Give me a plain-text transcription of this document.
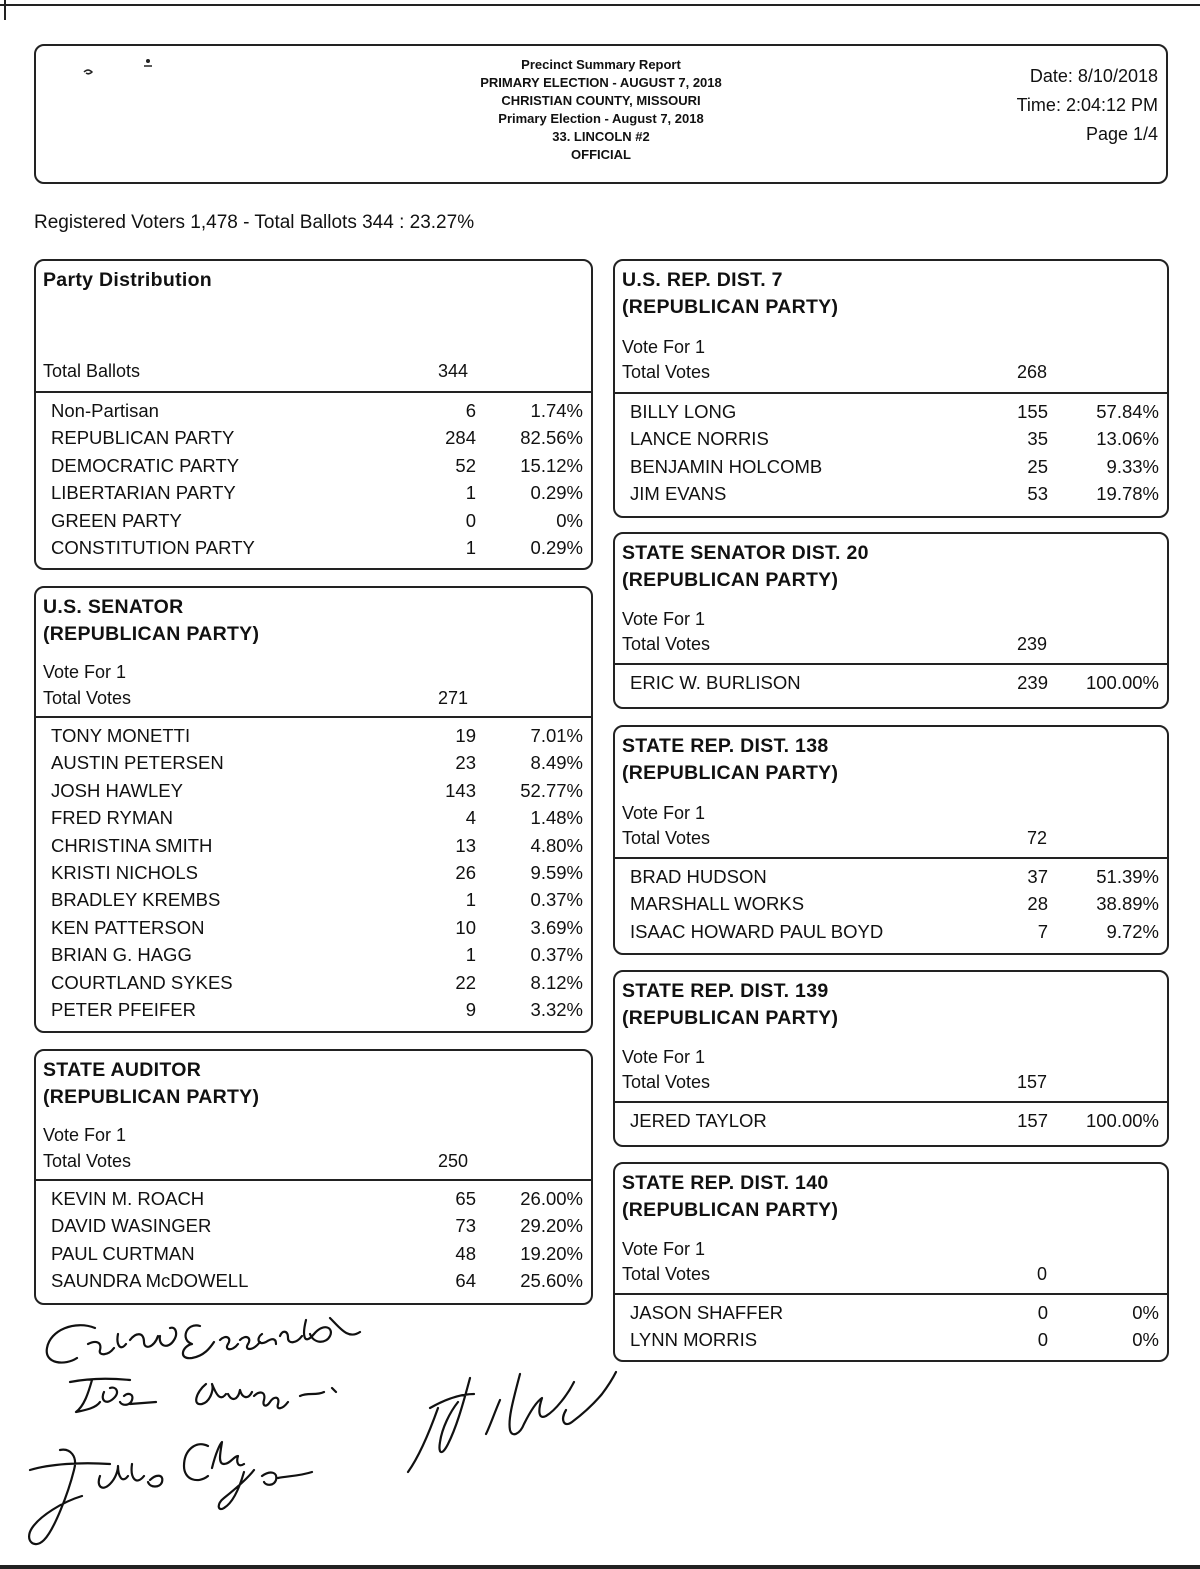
Precinct Summary Report
PRIMARY ELECTION - AUGUST 7, 2018
CHRISTIAN COUNTY, MISSOURI
Primary Election - August 7, 2018
33. LINCOLN #2
OFFICIAL
Date: 8/10/2018
Time: 2:04:12 PM
Page 1/4
Registered Voters 1,478 - Total Ballots 344 : 23.27%
Party Distribution
Total Ballots	344
Non-Partisan	6	1.74%
REPUBLICAN PARTY	284 82.56%
DEMOCRATIC PARTY	52 15.12%
LIBERTARIAN PARTY	1	0.29%
GREEN PARTY	0	0%
CONSTITUTION PARTY	1	0.29%
U.S. SENATOR
(REPUBLICAN PARTY)
Vote For 1
Total Votes	271
TONY MONETTI	19	7.01%
AUSTIN PETERSEN	23	8.49%
JOSH HAWLEY	143 52.77%
FRED RYMAN	4	1.48%
CHRISTINA SMITH	13	4.80%
KRISTI NICHOLS	26	9.59%
BRADLEY KREMBS	1	0.37%
KEN PATTERSON	10	3.69%
BRIAN G. HAGG	1	0.37%
COURTLAND SYKES	22	8.12%
PETER PFEIFER	9	3.32%
STATE AUDITOR
(REPUBLICAN PARTY)
Vote For 1
Total Votes	250
KEVIN M. ROACH	65 26.00%
DAVID WASINGER	73 29.20%
PAUL CURTMAN	48 19.20%
SAUNDRA McDOWELL	64 25.60%
U.S. REP. DIST. 7
(REPUBLICAN PARTY)
Vote For 1
Total Votes	268
BILLY LONG	155	57.84%
LANCE NORRIS	35	13.06%
BENJAMIN HOLCOMB	25	9.33%
JIM EVANS	53	19.78%
STATE SENATOR DIST. 20
(REPUBLICAN PARTY)
Vote For 1
Total Votes	239
ERIC W. BURLISON	239 100.00%
STATE REP. DIST. 138
(REPUBLICAN PARTY)
Vote For 1
Total Votes	72
BRAD HUDSON	37	51.39%
MARSHALL WORKS	28	38.89%
ISAAC HOWARD PAUL BOYD	7	9.72%
STATE REP. DIST. 139
(REPUBLICAN PARTY)
Vote For 1
Total Votes	157
JERED TAYLOR	157 100.00%
STATE REP. DIST. 140
(REPUBLICAN PARTY)
Vote For 1
Total Votes	0
JASON SHAFFER	0	0%
LYNN MORRIS	0	0%
